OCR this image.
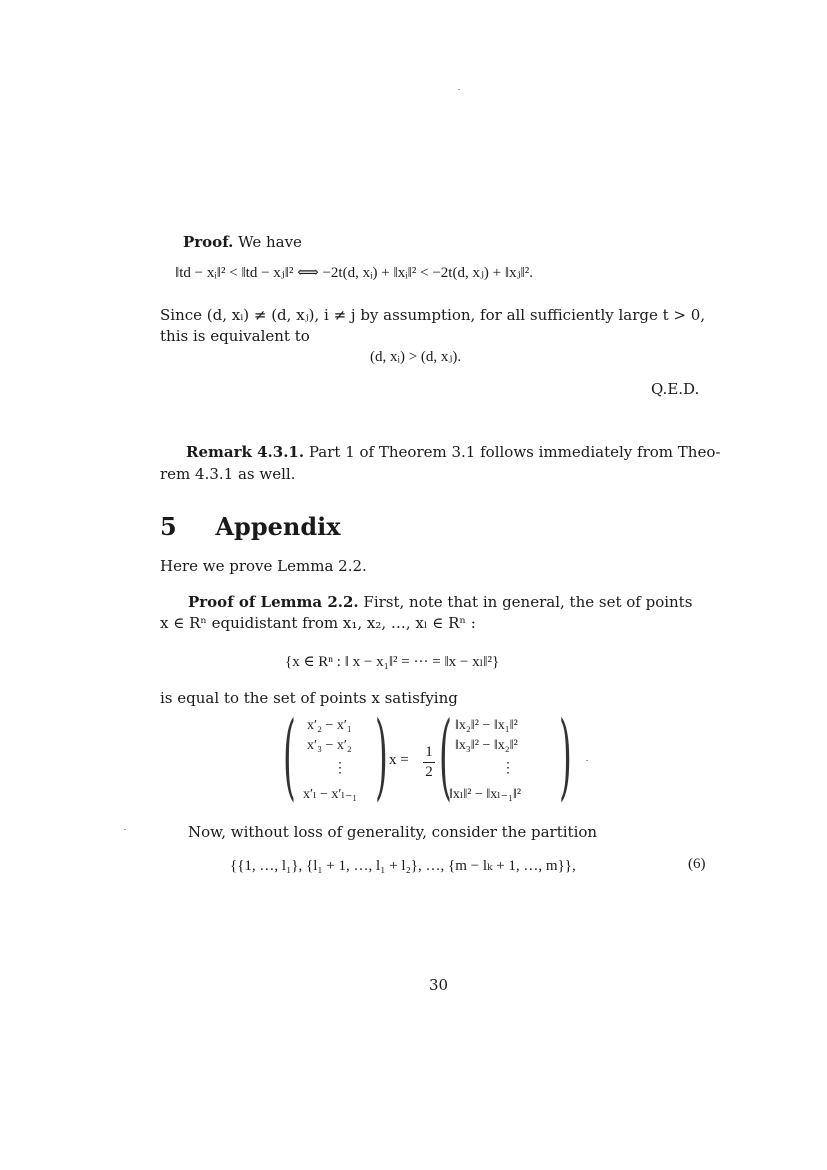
Proof. We have
‖td − xᵢ‖² < ‖td − xⱼ‖² ⟺ −2t(d, xᵢ) + ‖xᵢ‖² < −2t(d, xⱼ) + ‖xⱼ‖².
Since (d, xᵢ) ≠ (d, xⱼ), i ≠ j by assumption, for all sufficiently large t > 0,
this is equivalent to
(d, xᵢ) > (d, xⱼ).
Q.E.D.
Remark 4.3.1. Part 1 of Theorem 3.1 follows immediately from Theo-
rem 4.3.1 as well.
5 Appendix
Here we prove Lemma 2.2.
Proof of Lemma 2.2. First, note that in general, the set of points
x ∈ Rⁿ equidistant from x₁, x₂, …, xₗ ∈ Rⁿ :
{x ∈ Rⁿ : ‖ x − x₁‖² = ··· = ‖x − xₗ‖²}
is equal to the set of points x satisfying
( x′₂ − x′₁
x′₃ − x′₂
⋮
x′ₗ − x′ₗ₋₁ ) x = 1
2 ( ‖x₂‖² − ‖x₁‖²
‖x₃‖² − ‖x₂‖²
⋮
‖xₗ‖² − ‖xₗ₋₁‖² )
Now, without loss of generality, consider the partition
{{1, …, l₁}, {l₁ + 1, …, l₁ + l₂}, …, {m − lₖ + 1, …, m}},	(6)
30
